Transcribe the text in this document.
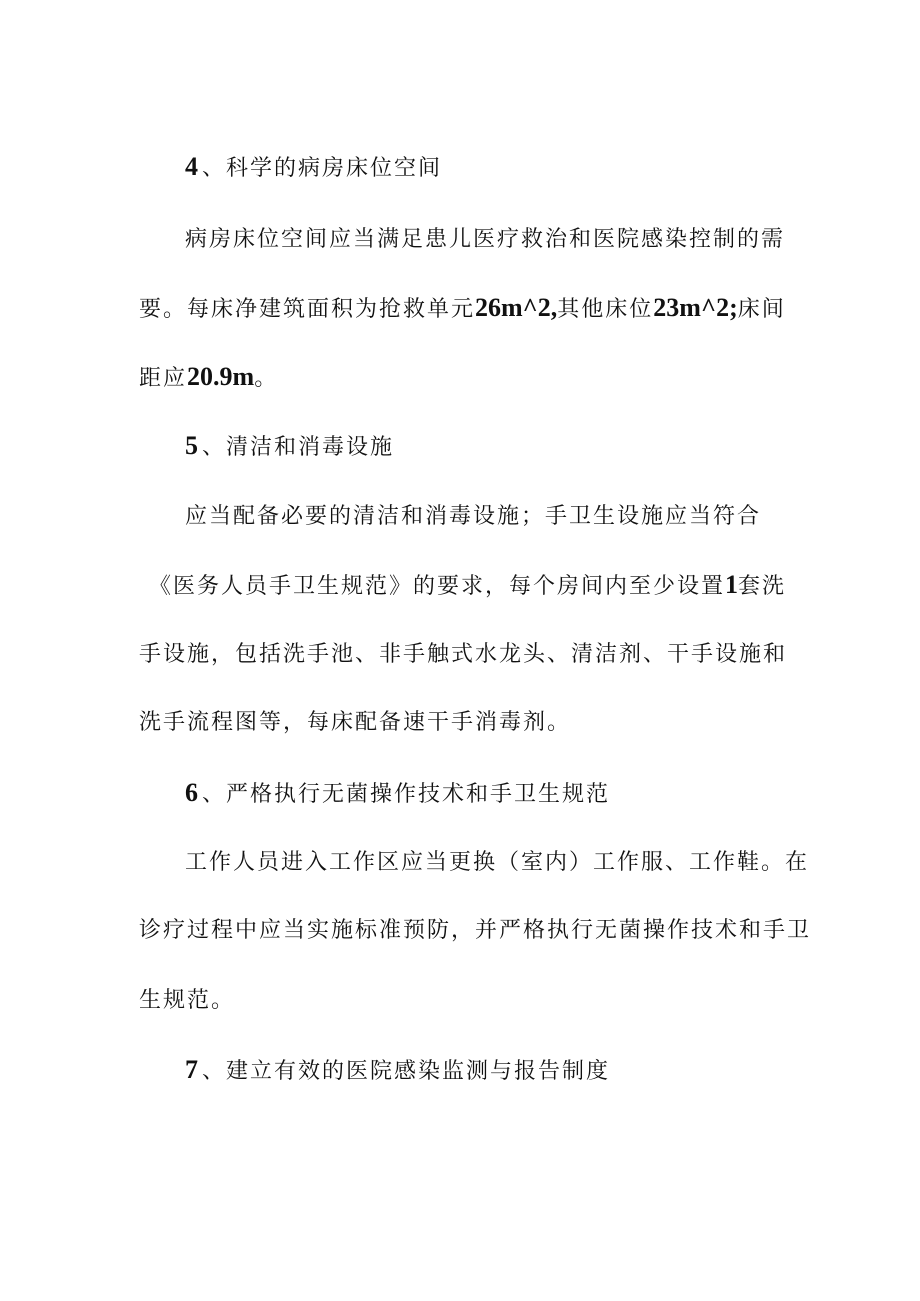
4 、科学的病房床位空间
病房床位空间应当满足患儿医疗救治和医院感染控制的需
要。每床净建筑面积为抢救单元26m^2,其他床位23m^2;床间
距应20.9m。
5 、清洁和消毒设施
应当配备必要的清洁和消毒设施；手卫生设施应当符合
《医务人员手卫生规范》的要求，每个房间内至少设置1套洗
手设施，包括洗手池、非手触式水龙头、清洁剂、干手设施和
洗手流程图等，每床配备速干手消毒剂。
6 、严格执行无菌操作技术和手卫生规范
工作人员进入工作区应当更换（室内）工作服、工作鞋。在
诊疗过程中应当实施标准预防，并严格执行无菌操作技术和手卫
生规范。
7 、建立有效的医院感染监测与报告制度
